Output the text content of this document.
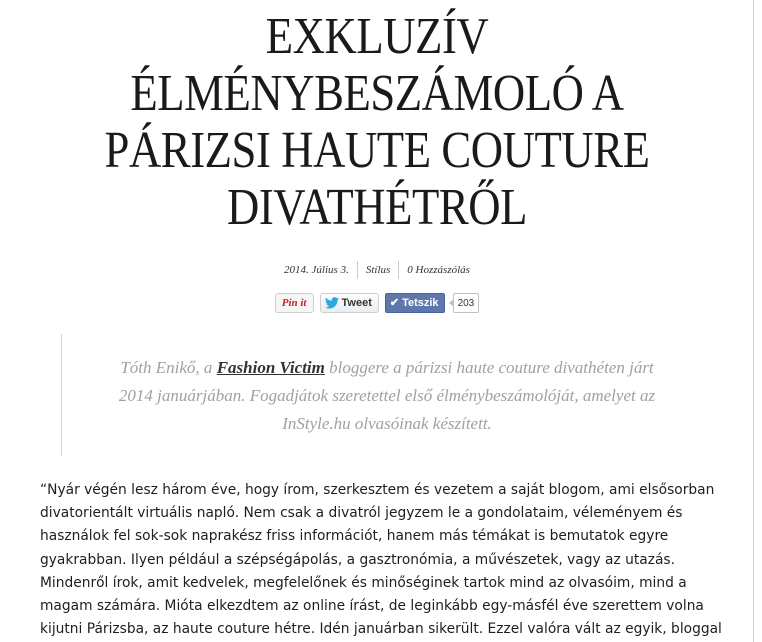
EXKLUZÍV
ÉLMÉNYBESZÁMOLÓ A
PÁRIZSI HAUTE COUTURE
DIVATHÉTRŐL
2014. Július 3. Stílus 0 Hozzászólás
Pin it	Tweet ✔ Tetszik	203

Tóth Enikő, a Fashion Victim bloggere a párizsi haute couture divathéten járt
2014 januárjában. Fogadjátok szeretettel első élménybeszámolóját, amelyet az
InStyle.hu olvasóinak készített.

“Nyár végén lesz három éve, hogy írom, szerkesztem és vezetem a saját blogom, ami elsősorban
divatorientált virtuális napló. Nem csak a divatról jegyzem le a gondolataim, véleményem és
használok fel sok-sok naprakész friss információt, hanem más témákat is bemutatok egyre
gyakrabban. Ilyen például a szépségápolás, a gasztronómia, a művészetek, vagy az utazás.
Mindenről írok, amit kedvelek, megfelelőnek és minőséginek tartok mind az olvasóim, mind a
magam számára. Mióta elkezdtem az online írást, de leginkább egy-másfél éve szerettem volna
kijutni Párizsba, az haute couture hétre. Idén januárban sikerült. Ezzel valóra vált az egyik, bloggal
